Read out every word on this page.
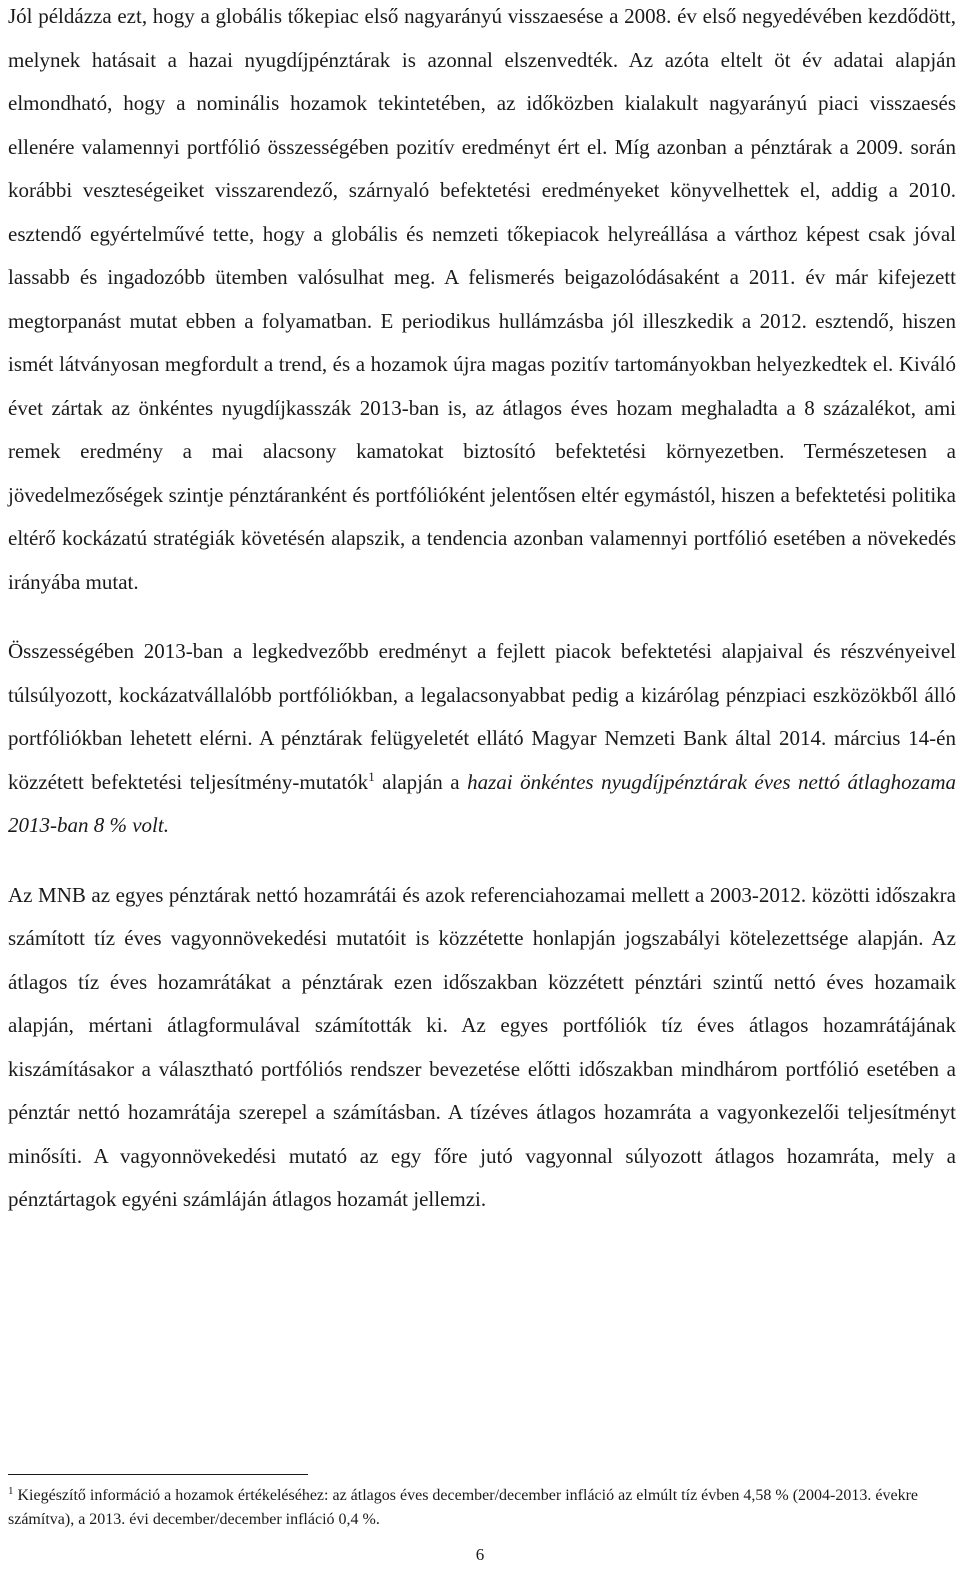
Jól példázza ezt, hogy a globális tőkepiac első nagyarányú visszaesése a 2008. év első negyedévében kezdődött, melynek hatásait a hazai nyugdíjpénztárak is azonnal elszenvedték. Az azóta eltelt öt év adatai alapján elmondható, hogy a nominális hozamok tekintetében, az időközben kialakult nagyarányú piaci visszaesés ellenére valamennyi portfólió összességében pozitív eredményt ért el. Míg azonban a pénztárak a 2009. során korábbi veszteségeiket visszarendező, szárnyaló befektetési eredményeket könyvelhettek el, addig a 2010. esztendő egyértelművé tette, hogy a globális és nemzeti tőkepiacok helyreállása a várthoz képest csak jóval lassabb és ingadozóbb ütemben valósulhat meg. A felismerés beigazolódásaként a 2011. év már kifejezett megtorpanást mutat ebben a folyamatban. E periodikus hullámzásba jól illeszkedik a 2012. esztendő, hiszen ismét látványosan megfordult a trend, és a hozamok újra magas pozitív tartományokban helyezkedtek el. Kiváló évet zártak az önkéntes nyugdíjkasszák 2013-ban is, az átlagos éves hozam meghaladta a 8 százalékot, ami remek eredmény a mai alacsony kamatokat biztosító befektetési környezetben. Természetesen a jövedelmezőségek szintje pénztáranként és portfólióként jelentősen eltér egymástól, hiszen a befektetési politika eltérő kockázatú stratégiák követésén alapszik, a tendencia azonban valamennyi portfólió esetében a növekedés irányába mutat.

Összességében 2013-ban a legkedvezőbb eredményt a fejlett piacok befektetési alapjaival és részvényeivel túlsúlyozott, kockázatvállalóbb portfóliókban, a legalacsonyabbat pedig a kizárólag pénzpiaci eszközökből álló portfóliókban lehetett elérni. A pénztárak felügyeletét ellátó Magyar Nemzeti Bank által 2014. március 14-én közzétett befektetési teljesítmény-mutatók$^1$ alapján a hazai önkéntes nyugdíjpénztárak éves nettó átlaghozama 2013-ban 8 % volt.

Az MNB az egyes pénztárak nettó hozamrátái és azok referenciahozamai mellett a 2003-2012. közötti időszakra számított tíz éves vagyonnövekedési mutatóit is közzétette honlapján jogszabályi kötelezettsége alapján. Az átlagos tíz éves hozamrátákat a pénztárak ezen időszakban közzétett pénztári szintű nettó éves hozamaik alapján, mértani átlagformulával számították ki. Az egyes portfóliók tíz éves átlagos hozamrátájának kiszámításakor a választható portfóliós rendszer bevezetése előtti időszakban mindhárom portfólió esetében a pénztár nettó hozamrátája szerepel a számításban. A tízéves átlagos hozamráta a vagyonkezelői teljesítményt minősíti. A vagyonnövekedési mutató az egy főre jutó vagyonnal súlyozott átlagos hozamráta, mely a pénztártagok egyéni számláján átlagos hozamát jellemzi.

$^1$ Kiegészítő információ a hozamok értékeléséhez: az átlagos éves december/december infláció az elmúlt tíz évben 4,58 % (2004-2013. évekre számítva), a 2013. évi december/december infláció 0,4 %.
6
